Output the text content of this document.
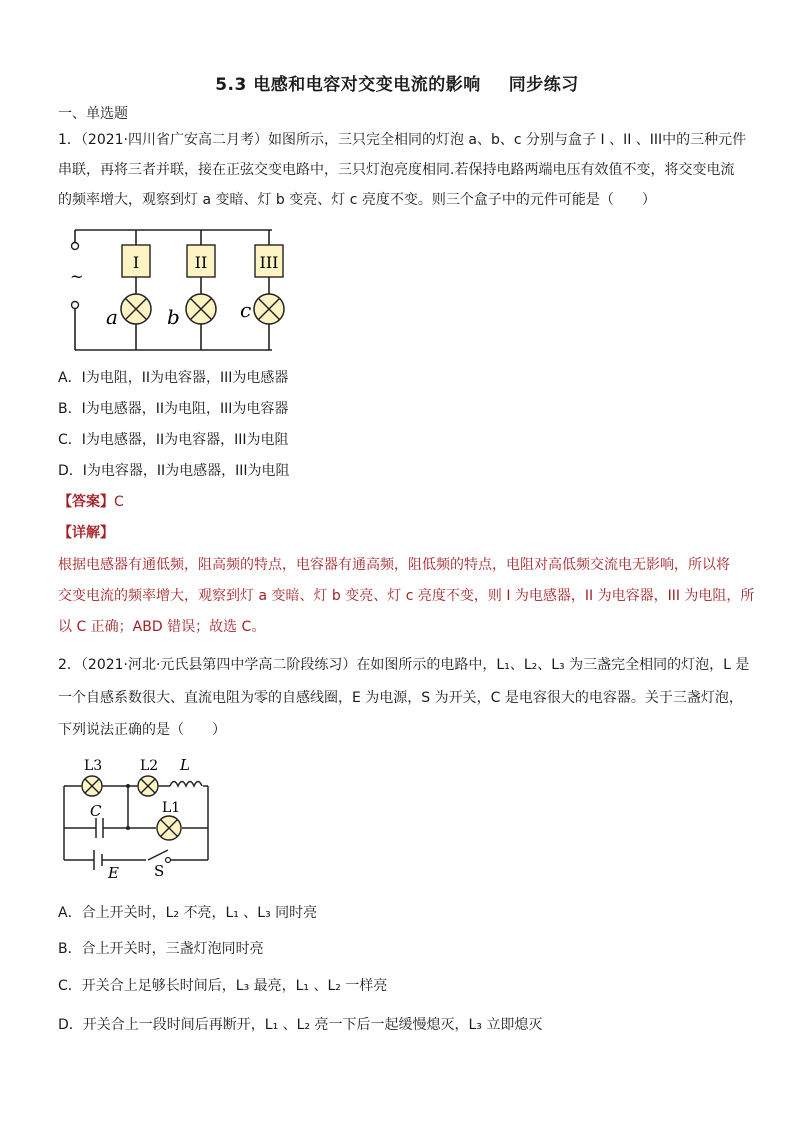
5.3 电感和电容对交变电流的影响 同步练习
一、单选题
1．（2021·四川省广安高二月考）如图所示，三只完全相同的灯泡 a、b、c 分别与盒子 I 、II 、III中的三种元件
串联，再将三者并联，接在正弦交变电路中，三只灯泡亮度相同.若保持电路两端电压有效值不变，将交变电流
的频率增大，观察到灯 a 变暗、灯 b 变亮、灯 c 亮度不变。则三个盒子中的元件可能是（　　）
~
I	II	III
a b	c
A．I为电阻，II为电容器，III为电感器
B．I为电感器，II为电阻，III为电容器
C．I为电感器，II为电容器，III为电阻
D．I为电容器，II为电感器，III为电阻
【答案】C
【详解】
根据电感器有通低频，阻高频的特点，电容器有通高频，阻低频的特点，电阻对高低频交流电无影响，所以将
交变电流的频率增大，观察到灯 a 变暗、灯 b 变亮、灯 c 亮度不变，则 I 为电感器，II 为电容器，III 为电阻，所
以 C 正确；ABD 错误；故选 C。
2．（2021·河北·元氏县第四中学高二阶段练习）在如图所示的电路中，L₁、L₂、L₃ 为三盏完全相同的灯泡，L 是
一个自感系数很大、直流电阻为零的自感线圈，E 为电源，S 为开关，C 是电容很大的电容器。关于三盏灯泡，
下列说法正确的是（　　）
L3	L2 L
L1
C
E S
A．合上开关时，L₂ 不亮，L₁ 、L₃ 同时亮
B．合上开关时，三盏灯泡同时亮
C．开关合上足够长时间后，L₃ 最亮，L₁ 、L₂ 一样亮
D．开关合上一段时间后再断开，L₁ 、L₂ 亮一下后一起缓慢熄灭，L₃ 立即熄灭
